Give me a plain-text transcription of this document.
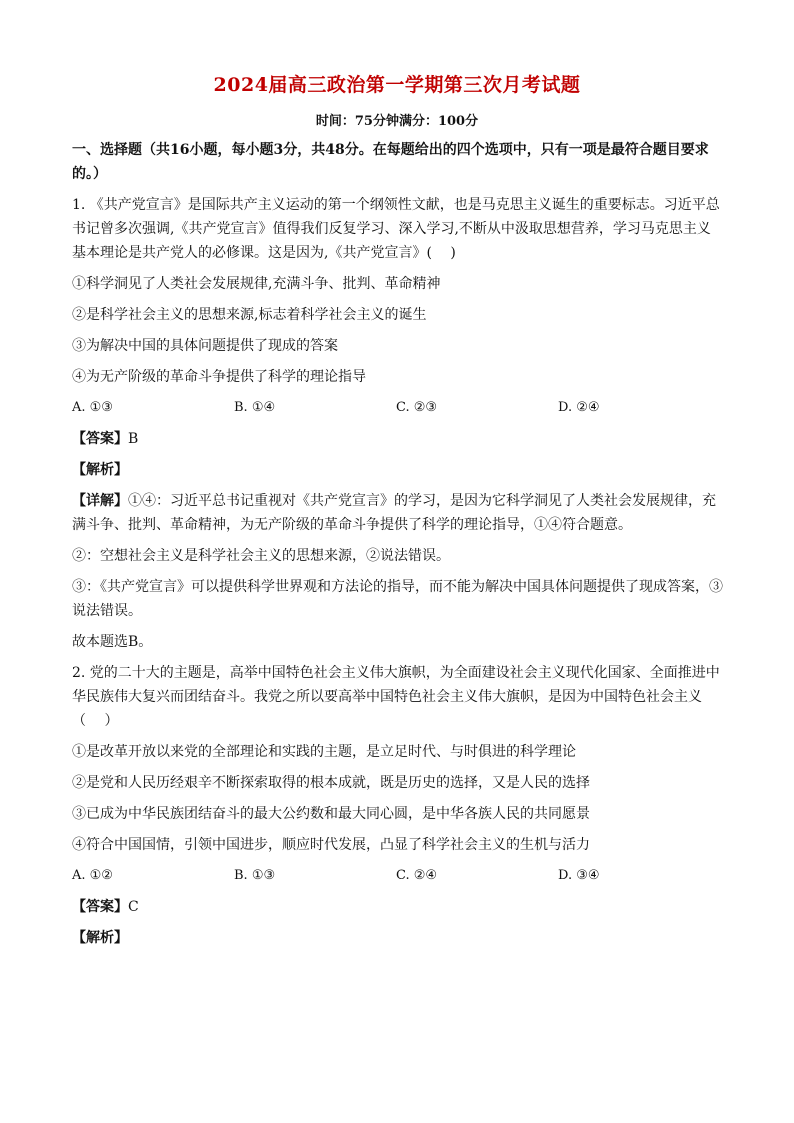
2024届高三政治第一学期第三次月考试题
时间：75分钟满分：100分

一、选择题（共16小题，每小题3分，共48分。在每题给出的四个选项中，只有一项是最符合题目要求
的。）

1. 《共产党宣言》是国际共产主义运动的第一个纲领性文献，也是马克思主义诞生的重要标志。习近平总
书记曾多次强调,《共产党宣言》值得我们反复学习、深入学习,不断从中汲取思想营养，学习马克思主义
基本理论是共产党人的必修课。这是因为,《共产党宣言》(　 )

①科学洞见了人类社会发展规律,充满斗争、批判、革命精神

②是科学社会主义的思想来源,标志着科学社会主义的诞生

③为解决中国的具体问题提供了现成的答案

④为无产阶级的革命斗争提供了科学的理论指导

A. ①③	B. ①④	C. ②③	D. ②④

【答案】B

【解析】

【详解】①④：习近平总书记重视对《共产党宣言》的学习，是因为它科学洞见了人类社会发展规律，充
满斗争、批判、革命精神，为无产阶级的革命斗争提供了科学的理论指导，①④符合题意。

②：空想社会主义是科学社会主义的思想来源，②说法错误。

③：《共产党宣言》可以提供科学世界观和方法论的指导，而不能为解决中国具体问题提供了现成答案，③
说法错误。

故本题选B。

2. 党的二十大的主题是，高举中国特色社会主义伟大旗帜，为全面建设社会主义现代化国家、全面推进中
华民族伟大复兴而团结奋斗。我党之所以要高举中国特色社会主义伟大旗帜，是因为中国特色社会主义
（　 ）

①是改革开放以来党的全部理论和实践的主题，是立足时代、与时俱进的科学理论

②是党和人民历经艰辛不断探索取得的根本成就，既是历史的选择，又是人民的选择

③已成为中华民族团结奋斗的最大公约数和最大同心圆，是中华各族人民的共同愿景

④符合中国国情，引领中国进步，顺应时代发展，凸显了科学社会主义的生机与活力

A. ①②	B. ①③	C. ②④	D. ③④

【答案】C

【解析】
